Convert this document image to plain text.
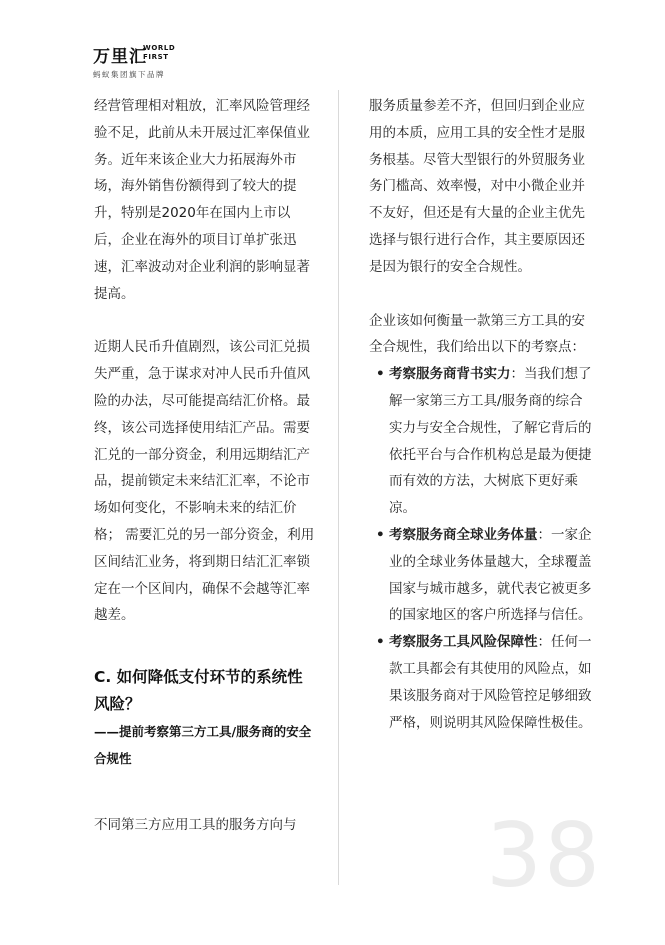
万里汇
WORLD
FIRST
蚂蚁集团旗下品牌

经营管理相对粗放，汇率风险管理经验不足，此前从未开展过汇率保值业务。近年来该企业大力拓展海外市场，海外销售份额得到了较大的提升，特别是2020年在国内上市以后，企业在海外的项目订单扩张迅速，汇率波动对企业利润的影响显著提高。

近期人民币升值剧烈，该公司汇兑损失严重，急于谋求对冲人民币升值风险的办法，尽可能提高结汇价格。最终，该公司选择使用结汇产品。需要汇兑的一部分资金，利用远期结汇产品，提前锁定未来结汇汇率，不论市场如何变化，不影响未来的结汇价格； 需要汇兑的另一部分资金，利用区间结汇业务，将到期日结汇汇率锁定在一个区间内，确保不会越等汇率越差。

C. 如何降低支付环节的系统性风险？

——提前考察第三方工具/服务商的安全合规性

不同第三方应用工具的服务方向与

服务质量参差不齐，但回归到企业应用的本质，应用工具的安全性才是服务根基。尽管大型银行的外贸服务业务门槛高、效率慢，对中小微企业并不友好，但还是有大量的企业主优先选择与银行进行合作，其主要原因还是因为银行的安全合规性。

企业该如何衡量一款第三方工具的安全合规性，我们给出以下的考察点：

• 考察服务商背书实力：当我们想了解一家第三方工具/服务商的综合实力与安全合规性，了解它背后的依托平台与合作机构总是最为便捷而有效的方法，大树底下更好乘凉。
• 考察服务商全球业务体量：一家企业的全球业务体量越大，全球覆盖国家与城市越多，就代表它被更多的国家地区的客户所选择与信任。
• 考察服务工具风险保障性：任何一款工具都会有其使用的风险点，如果该服务商对于风险管控足够细致严格，则说明其风险保障性极佳。
38
